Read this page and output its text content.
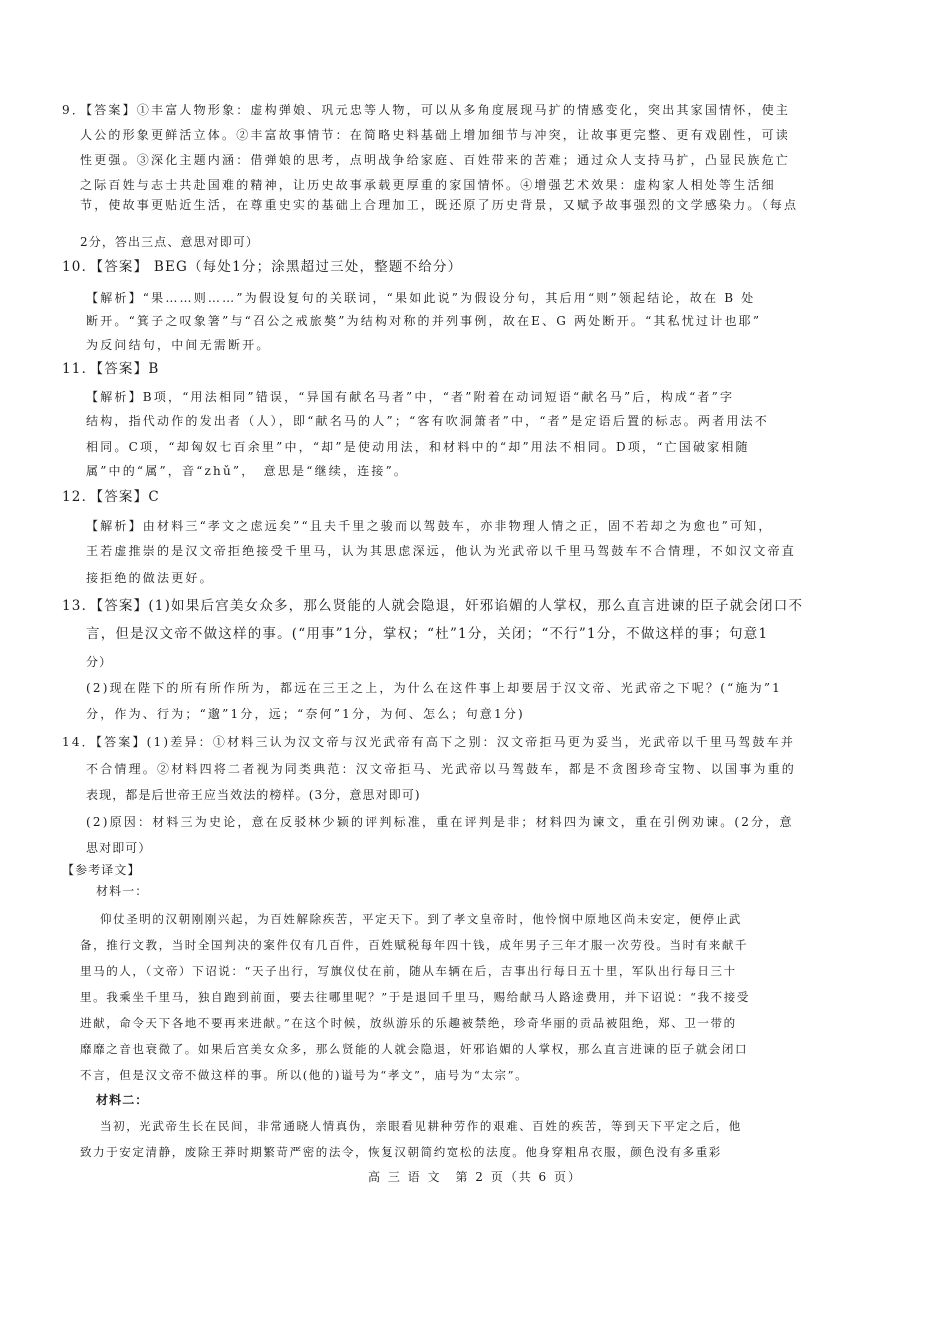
9．【答案】①丰富人物形象：虚构弹娘、巩元忠等人物，可以从多角度展现马扩的情感变化，突出其家国情怀，使主
人公的形象更鲜活立体。②丰富故事情节：在简略史料基础上增加细节与冲突，让故事更完整、更有戏剧性，可读
性更强。③深化主题内涵：借弹娘的思考，点明战争给家庭、百姓带来的苦难；通过众人支持马扩，凸显民族危亡
之际百姓与志士共赴国难的精神，让历史故事承载更厚重的家国情怀。④增强艺术效果：虚构家人相处等生活细
节，使故事更贴近生活，在尊重史实的基础上合理加工，既还原了历史背景，又赋予故事强烈的文学感染力。（每点
2分，答出三点、意思对即可）
10．【答案】 BEG（每处1分；涂黑超过三处，整题不给分）
【解析】“果……则……”为假设复句的关联词，“果如此说”为假设分句，其后用“则”领起结论，故在 B 处
断开。“箕子之叹象箸”与“召公之戒旅獒”为结构对称的并列事例，故在E、G 两处断开。“其私忧过计也耶”
为反问结句，中间无需断开。
11．【答案】B
【解析】B项，“用法相同”错误，“异国有献名马者”中，“者”附着在动词短语“献名马”后，构成“者”字
结构，指代动作的发出者（人），即“献名马的人”；“客有吹洞箫者”中，“者”是定语后置的标志。两者用法不
相同。C项，“却匈奴七百余里”中，“却”是使动用法，和材料中的“却”用法不相同。D项，“亡国破家相随
属”中的“属”，音“zhǔ”，　意思是“继续，连接”。
12．【答案】C
【解析】由材料三“孝文之虑远矣”“且夫千里之骏而以驾鼓车，亦非物理人情之正，固不若却之为愈也”可知，
王若虚推崇的是汉文帝拒绝接受千里马，认为其思虑深远，他认为光武帝以千里马驾鼓车不合情理，不如汉文帝直
接拒绝的做法更好。
13．【答案】(1)如果后宫美女众多，那么贤能的人就会隐退，奸邪谄媚的人掌权，那么直言进谏的臣子就会闭口不
言，但是汉文帝不做这样的事。(“用事”1分，掌权；“杜”1分，关闭；“不行”1分，不做这样的事；句意1
分）
(2)现在陛下的所有所作所为，都远在三王之上，为什么在这件事上却要居于汉文帝、光武帝之下呢？(“施为”1
分，作为、行为；“邈”1分，远；“奈何”1分，为何、怎么；句意1分)
14．【答案】(1)差异：①材料三认为汉文帝与汉光武帝有高下之别：汉文帝拒马更为妥当，光武帝以千里马驾鼓车并
不合情理。②材料四将二者视为同类典范：汉文帝拒马、光武帝以马驾鼓车，都是不贪图珍奇宝物、以国事为重的
表现，都是后世帝王应当效法的榜样。(3分，意思对即可)
(2)原因：材料三为史论，意在反驳林少颖的评判标准，重在评判是非；材料四为谏文，重在引例劝谏。(2分，意
思对即可）
【参考译文】
材料一：
仰仗圣明的汉朝刚刚兴起，为百姓解除疾苦，平定天下。到了孝文皇帝时，他怜悯中原地区尚未安定，便停止武
备，推行文教，当时全国判决的案件仅有几百件，百姓赋税每年四十钱，成年男子三年才服一次劳役。当时有来献千
里马的人，（文帝）下诏说：“天子出行，写旗仪仗在前，随从车辆在后，吉事出行每日五十里，军队出行每日三十
里。我乘坐千里马，独自跑到前面，要去往哪里呢？”于是退回千里马，赐给献马人路途费用，并下诏说：“我不接受
进献，命令天下各地不要再来进献。”在这个时候，放纵游乐的乐趣被禁绝，珍奇华丽的贡品被阻绝，郑、卫一带的
靡靡之音也衰微了。如果后宫美女众多，那么贤能的人就会隐退，奸邪谄媚的人掌权，那么直言进谏的臣子就会闭口
不言，但是汉文帝不做这样的事。所以(他的)谥号为“孝文”，庙号为“太宗”。
材料二：
当初，光武帝生长在民间，非常通晓人情真伪，亲眼看见耕种劳作的艰难、百姓的疾苦，等到天下平定之后，他
致力于安定清静，废除王莽时期繁苛严密的法令，恢复汉朝简约宽松的法度。他身穿粗帛衣服，颜色没有多重彩
高 三 语 文　第 2 页（共 6 页）
